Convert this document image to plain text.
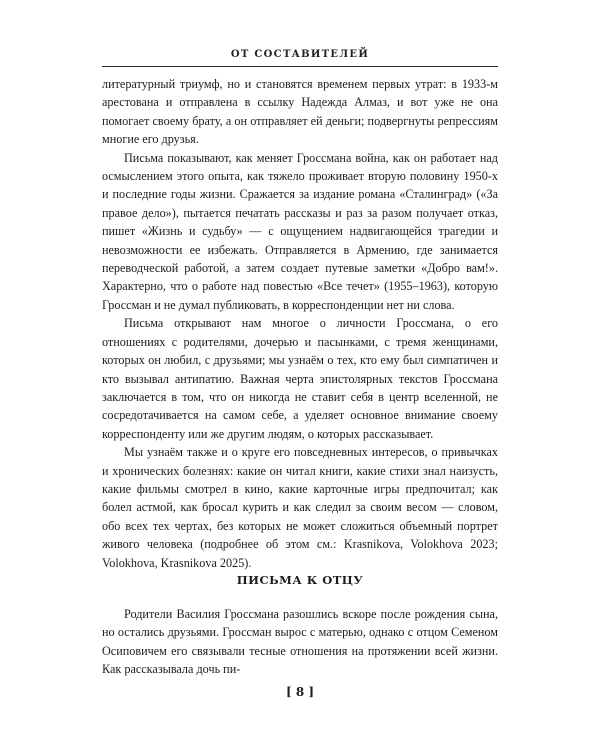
ОТ СОСТАВИТЕЛЕЙ

литературный триумф, но и становятся временем первых утрат: в 1933-м арестована и отправлена в ссылку Надежда Алмаз, и вот уже не она помогает своему брату, а он отправляет ей деньги; подвергнуты репрессиям многие его друзья.

Письма показывают, как меняет Гроссмана война, как он работает над осмыслением этого опыта, как тяжело проживает вторую половину 1950-х и последние годы жизни. Сражается за издание романа «Сталинград» («За правое дело»), пытается печатать рассказы и раз за разом получает отказ, пишет «Жизнь и судьбу» — с ощущением надвигающейся трагедии и невозможности ее избежать. Отправляется в Армению, где занимается переводческой работой, а затем создает путевые заметки «Добро вам!». Характерно, что о работе над повестью «Все течет» (1955–1963), которую Гроссман и не думал публиковать, в корреспонденции нет ни слова.

Письма открывают нам многое о личности Гроссмана, о его отношениях с родителями, дочерью и пасынками, с тремя женщинами, которых он любил, с друзьями; мы узнаём о тех, кто ему был симпатичен и кто вызывал антипатию. Важная черта эпистолярных текстов Гроссмана заключается в том, что он никогда не ставит себя в центр вселенной, не сосредотачивается на самом себе, а уделяет основное внимание своему корреспонденту или же другим людям, о которых рассказывает.

Мы узнаём также и о круге его повседневных интересов, о привычках и хронических болезнях: какие он читал книги, какие стихи знал наизусть, какие фильмы смотрел в кино, какие карточные игры предпочитал; как болел астмой, как бросал курить и как следил за своим весом — словом, обо всех тех чертах, без которых не может сложиться объемный портрет живого человека (подробнее об этом см.: Krasnikova, Volokhova 2023; Volokhova, Krasnikova 2025).

ПИСЬМА К ОТЦУ

Родители Василия Гроссмана разошлись вскоре после рождения сына, но остались друзьями. Гроссман вырос с матерью, однако с отцом Семеном Осиповичем его связывали тесные отношения на протяжении всей жизни. Как рассказывала дочь пи-

[ 8 ]
